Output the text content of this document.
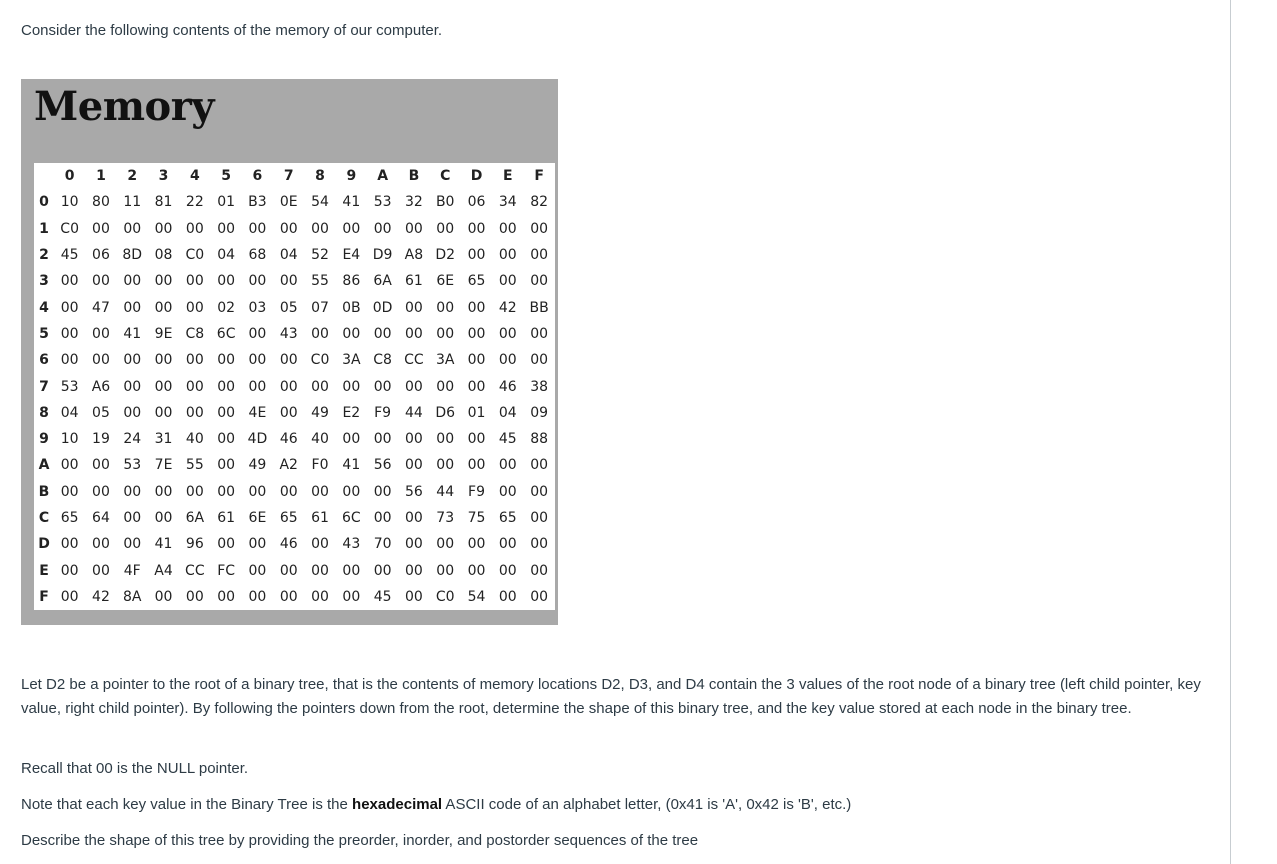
Consider the following contents of the memory of our computer.

Memory
	0	1	2	3	4	5	6	7	8	9	A	B	C	D	E	F
0	10	80	11	81	22	01	B3	0E	54	41	53	32	B0	06	34	82
1	C0	00	00	00	00	00	00	00	00	00	00	00	00	00	00	00
2	45	06	8D	08	C0	04	68	04	52	E4	D9	A8	D2	00	00	00
3	00	00	00	00	00	00	00	00	55	86	6A	61	6E	65	00	00
4	00	47	00	00	00	02	03	05	07	0B	0D	00	00	00	42	BB
5	00	00	41	9E	C8	6C	00	43	00	00	00	00	00	00	00	00
6	00	00	00	00	00	00	00	00	C0	3A	C8	CC	3A	00	00	00
7	53	A6	00	00	00	00	00	00	00	00	00	00	00	00	46	38
8	04	05	00	00	00	00	4E	00	49	E2	F9	44	D6	01	04	09
9	10	19	24	31	40	00	4D	46	40	00	00	00	00	00	45	88
A	00	00	53	7E	55	00	49	A2	F0	41	56	00	00	00	00	00
B	00	00	00	00	00	00	00	00	00	00	00	56	44	F9	00	00
C	65	64	00	00	6A	61	6E	65	61	6C	00	00	73	75	65	00
D	00	00	00	41	96	00	00	46	00	43	70	00	00	00	00	00
E	00	00	4F	A4	CC	FC	00	00	00	00	00	00	00	00	00	00
F	00	42	8A	00	00	00	00	00	00	00	45	00	C0	54	00	00

Let D2 be a pointer to the root of a binary tree, that is the contents of memory locations D2, D3, and D4 contain the 3 values of the root node of a binary tree (left child pointer, key value, right child pointer). By following the pointers down from the root, determine the shape of this binary tree, and the key value stored at each node in the binary tree.

Recall that 00 is the NULL pointer.

Note that each key value in the Binary Tree is the hexadecimal ASCII code of an alphabet letter, (0x41 is 'A', 0x42 is 'B', etc.)

Describe the shape of this tree by providing the preorder, inorder, and postorder sequences of the tree
